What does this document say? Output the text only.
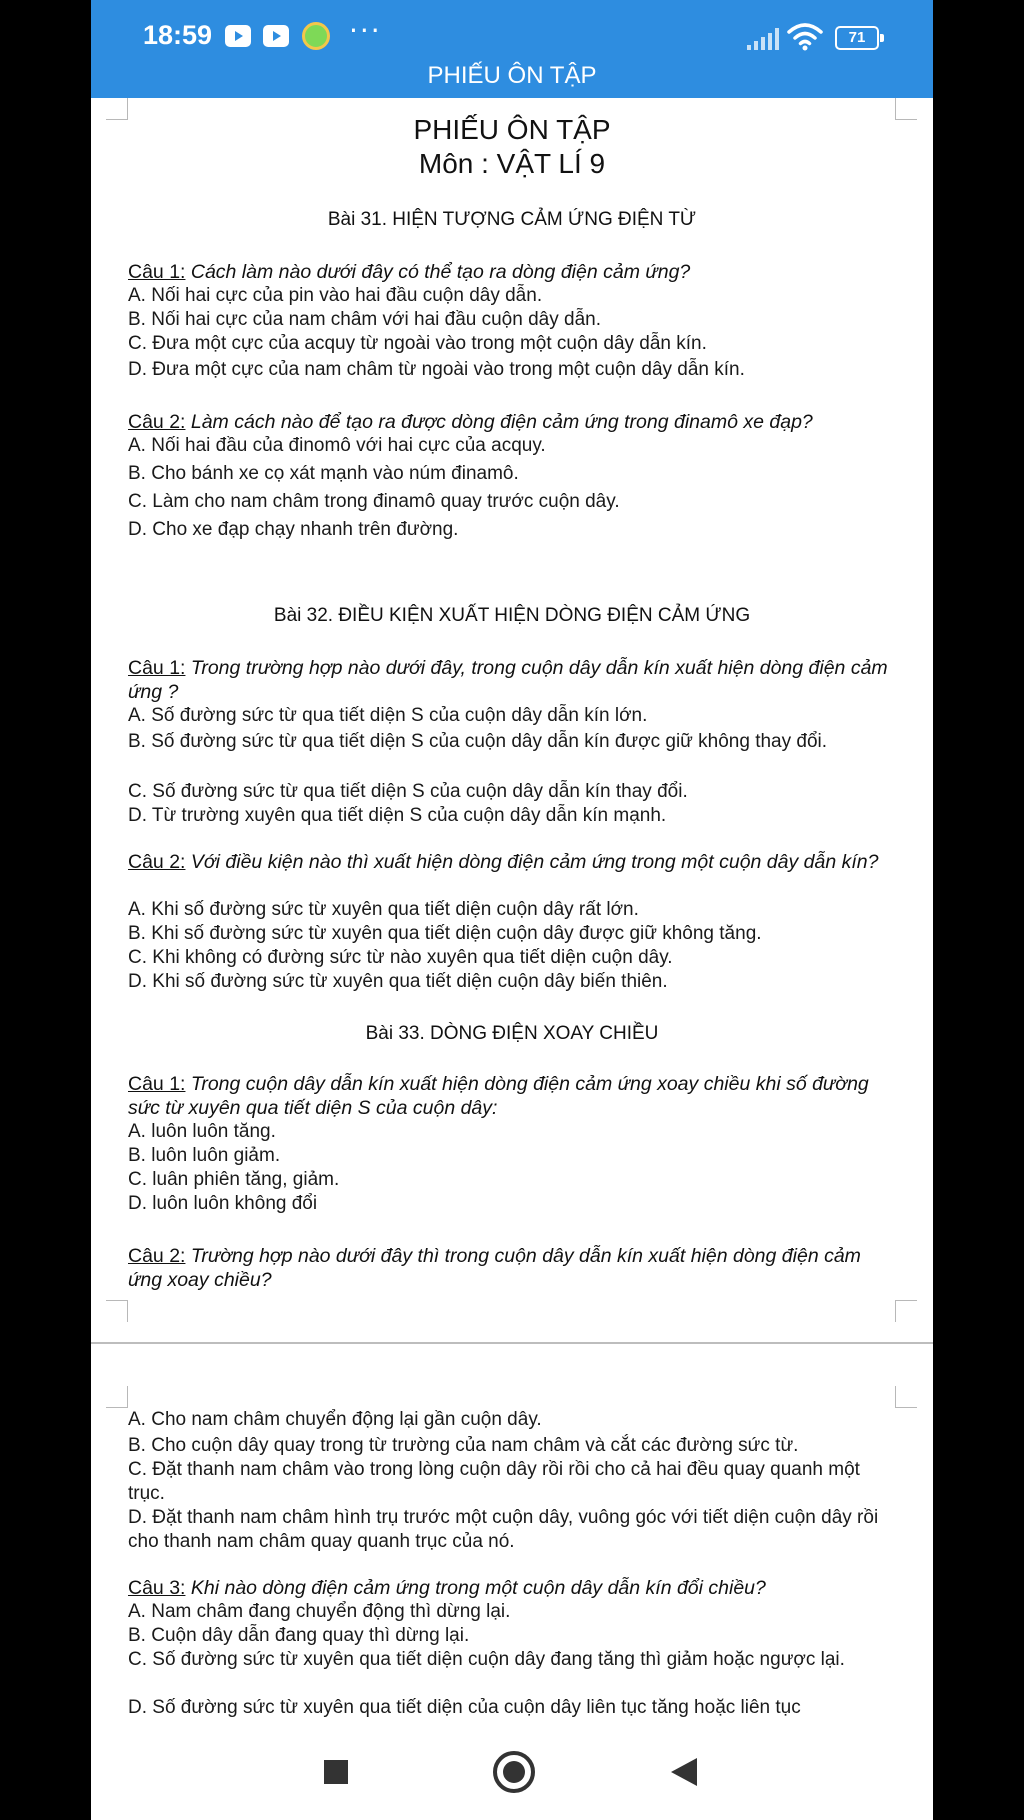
18:59	···	71
PHIẾU ÔN TẬP
PHIẾU ÔN TẬP
Môn : VẬT LÍ 9
Bài 31. HIỆN TƯỢNG CẢM ỨNG ĐIỆN TỪ
Câu 1: Cách làm nào dưới đây có thể tạo ra dòng điện cảm ứng?
A. Nối hai cực của pin vào hai đầu cuộn dây dẫn.
B. Nối hai cực của nam châm với hai đầu cuộn dây dẫn.
C. Đưa một cực của acquy từ ngoài vào trong một cuộn dây dẫn kín.
D. Đưa một cực của nam châm từ ngoài vào trong một cuộn dây dẫn kín.
Câu 2: Làm cách nào để tạo ra được dòng điện cảm ứng trong đinamô xe đạp?
A. Nối hai đầu của đinomô với hai cực của acquy.
B. Cho bánh xe cọ xát mạnh vào núm đinamô.
C. Làm cho nam châm trong đinamô quay trước cuộn dây.
D. Cho xe đạp chạy nhanh trên đường.
Bài 32. ĐIỀU KIỆN XUẤT HIỆN DÒNG ĐIỆN CẢM ỨNG
Câu 1: Trong trường hợp nào dưới đây, trong cuộn dây dẫn kín xuất hiện dòng điện cảm ứng ?
A. Số đường sức từ qua tiết diện S của cuộn dây dẫn kín lớn.
B. Số đường sức từ qua tiết diện S của cuộn dây dẫn kín được giữ không thay đổi.
C. Số đường sức từ qua tiết diện S của cuộn dây dẫn kín thay đổi.
D. Từ trường xuyên qua tiết diện S của cuộn dây dẫn kín mạnh.
Câu 2: Với điều kiện nào thì xuất hiện dòng điện cảm ứng trong một cuộn dây dẫn kín?
A. Khi số đường sức từ xuyên qua tiết diện cuộn dây rất lớn.
B. Khi số đường sức từ xuyên qua tiết diện cuộn dây được giữ không tăng.
C. Khi không có đường sức từ nào xuyên qua tiết diện cuộn dây.
D. Khi số đường sức từ xuyên qua tiết diện cuộn dây biến thiên.
Bài 33. DÒNG ĐIỆN XOAY CHIỀU
Câu 1: Trong cuộn dây dẫn kín xuất hiện dòng điện cảm ứng xoay chiều khi số đường sức từ xuyên qua tiết diện S của cuộn dây:
A. luôn luôn tăng.
B. luôn luôn giảm.
C. luân phiên tăng, giảm.
D. luôn luôn không đổi
Câu 2: Trường hợp nào dưới đây thì trong cuộn dây dẫn kín xuất hiện dòng điện cảm ứng xoay chiều?
A. Cho nam châm chuyển động lại gần cuộn dây.
B. Cho cuộn dây quay trong từ trường của nam châm và cắt các đường sức từ.
C. Đặt thanh nam châm vào trong lòng cuộn dây rồi rồi cho cả hai đều quay quanh một trục.
D. Đặt thanh nam châm hình trụ trước một cuộn dây, vuông góc với tiết diện cuộn dây rồi cho thanh nam châm quay quanh trục của nó.
Câu 3: Khi nào dòng điện cảm ứng trong một cuộn dây dẫn kín đổi chiều?
A. Nam châm đang chuyển động thì dừng lại.
B. Cuộn dây dẫn đang quay thì dừng lại.
C. Số đường sức từ xuyên qua tiết diện cuộn dây đang tăng thì giảm hoặc ngược lại.
D. Số đường sức từ xuyên qua tiết diện của cuộn dây liên tục tăng hoặc liên tục
